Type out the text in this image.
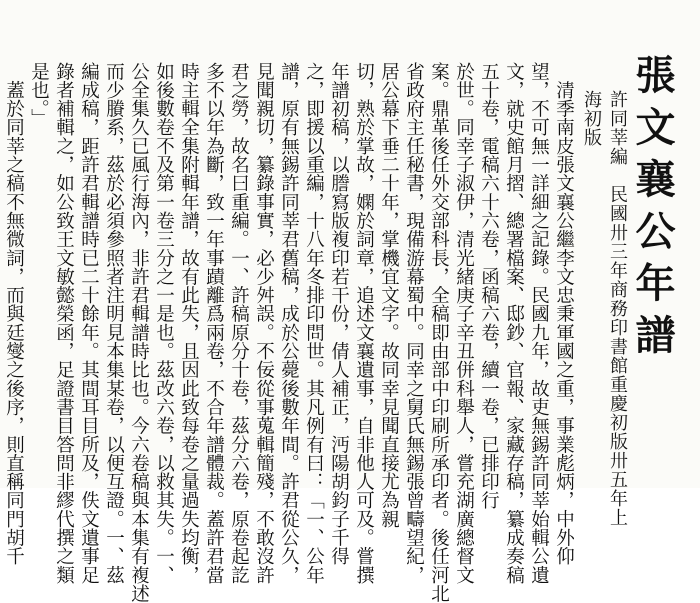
張文襄公年譜
許同莘編　民國卅三年商務印書館重慶初版卅五年上
海初版
　清季南皮張文襄公繼李文忠秉軍國之重，事業彪炳，中外仰
望，不可無一詳細之記錄。民國九年，故吏無錫許同莘始輯公遺
文，就史館月摺、總署檔案、邸鈔、官報、家藏存稿，纂成奏稿
五十卷，電稿六十六卷，函稿六卷，續一卷，已排印行
於世。同幸子淑伊，清光緒庚子辛丑併科舉人，嘗充湖廣總督文
案。鼎革後任外交部科長，全稿即由部中印刷所承印者。後任河北
省政府主任秘書，現備游幕蜀中。同幸之舅氏無錫張曾疇望紀，
居公幕下垂二十年，掌機宜文字。故同幸見聞直接尤為親
切，熟於掌故，嫻於詞章，追述文襄遺事，自非他人可及。嘗撰
年譜初稿，以謄寫版複印若干份，倩人補正，沔陽胡鈞子千得
之，即援以重編，十八年冬排印問世。其凡例有曰：「一、公年
譜，原有無錫許同莘君舊稿，成於公薨後數年間。許君從公久，
見聞親切，纂錄事實，必少舛誤。不佞從事蒐輯簡殘，不敢沒許
君之勞，故名曰重編。一、許稿原分十卷，茲分六卷，原卷起訖
多不以年為斷，致一年事蹟離爲兩卷，不合年譜體裁。蓋許君當
時主輯全集附輯年譜，故有此失，且因此致每卷之量過失均衡，
如後數卷不及第一卷三分之一是也。茲改六卷，以救其失。一、
公全集久已風行海內，非許君輯譜時比也。今六卷稿與本集有複述
而少賸系，茲於必須參照者注明見本集某卷，以便互證。一、茲
編成稿，距許君輯譜時已二十餘年。其間耳目所及，佚文遺事足
錄者補輯之，如公致王文敏懿榮函，足證書目答問非繆代撰之類
是也。」
　蓋於同莘之稿不無微詞，而與廷燮之後序，則直稱同門胡千
